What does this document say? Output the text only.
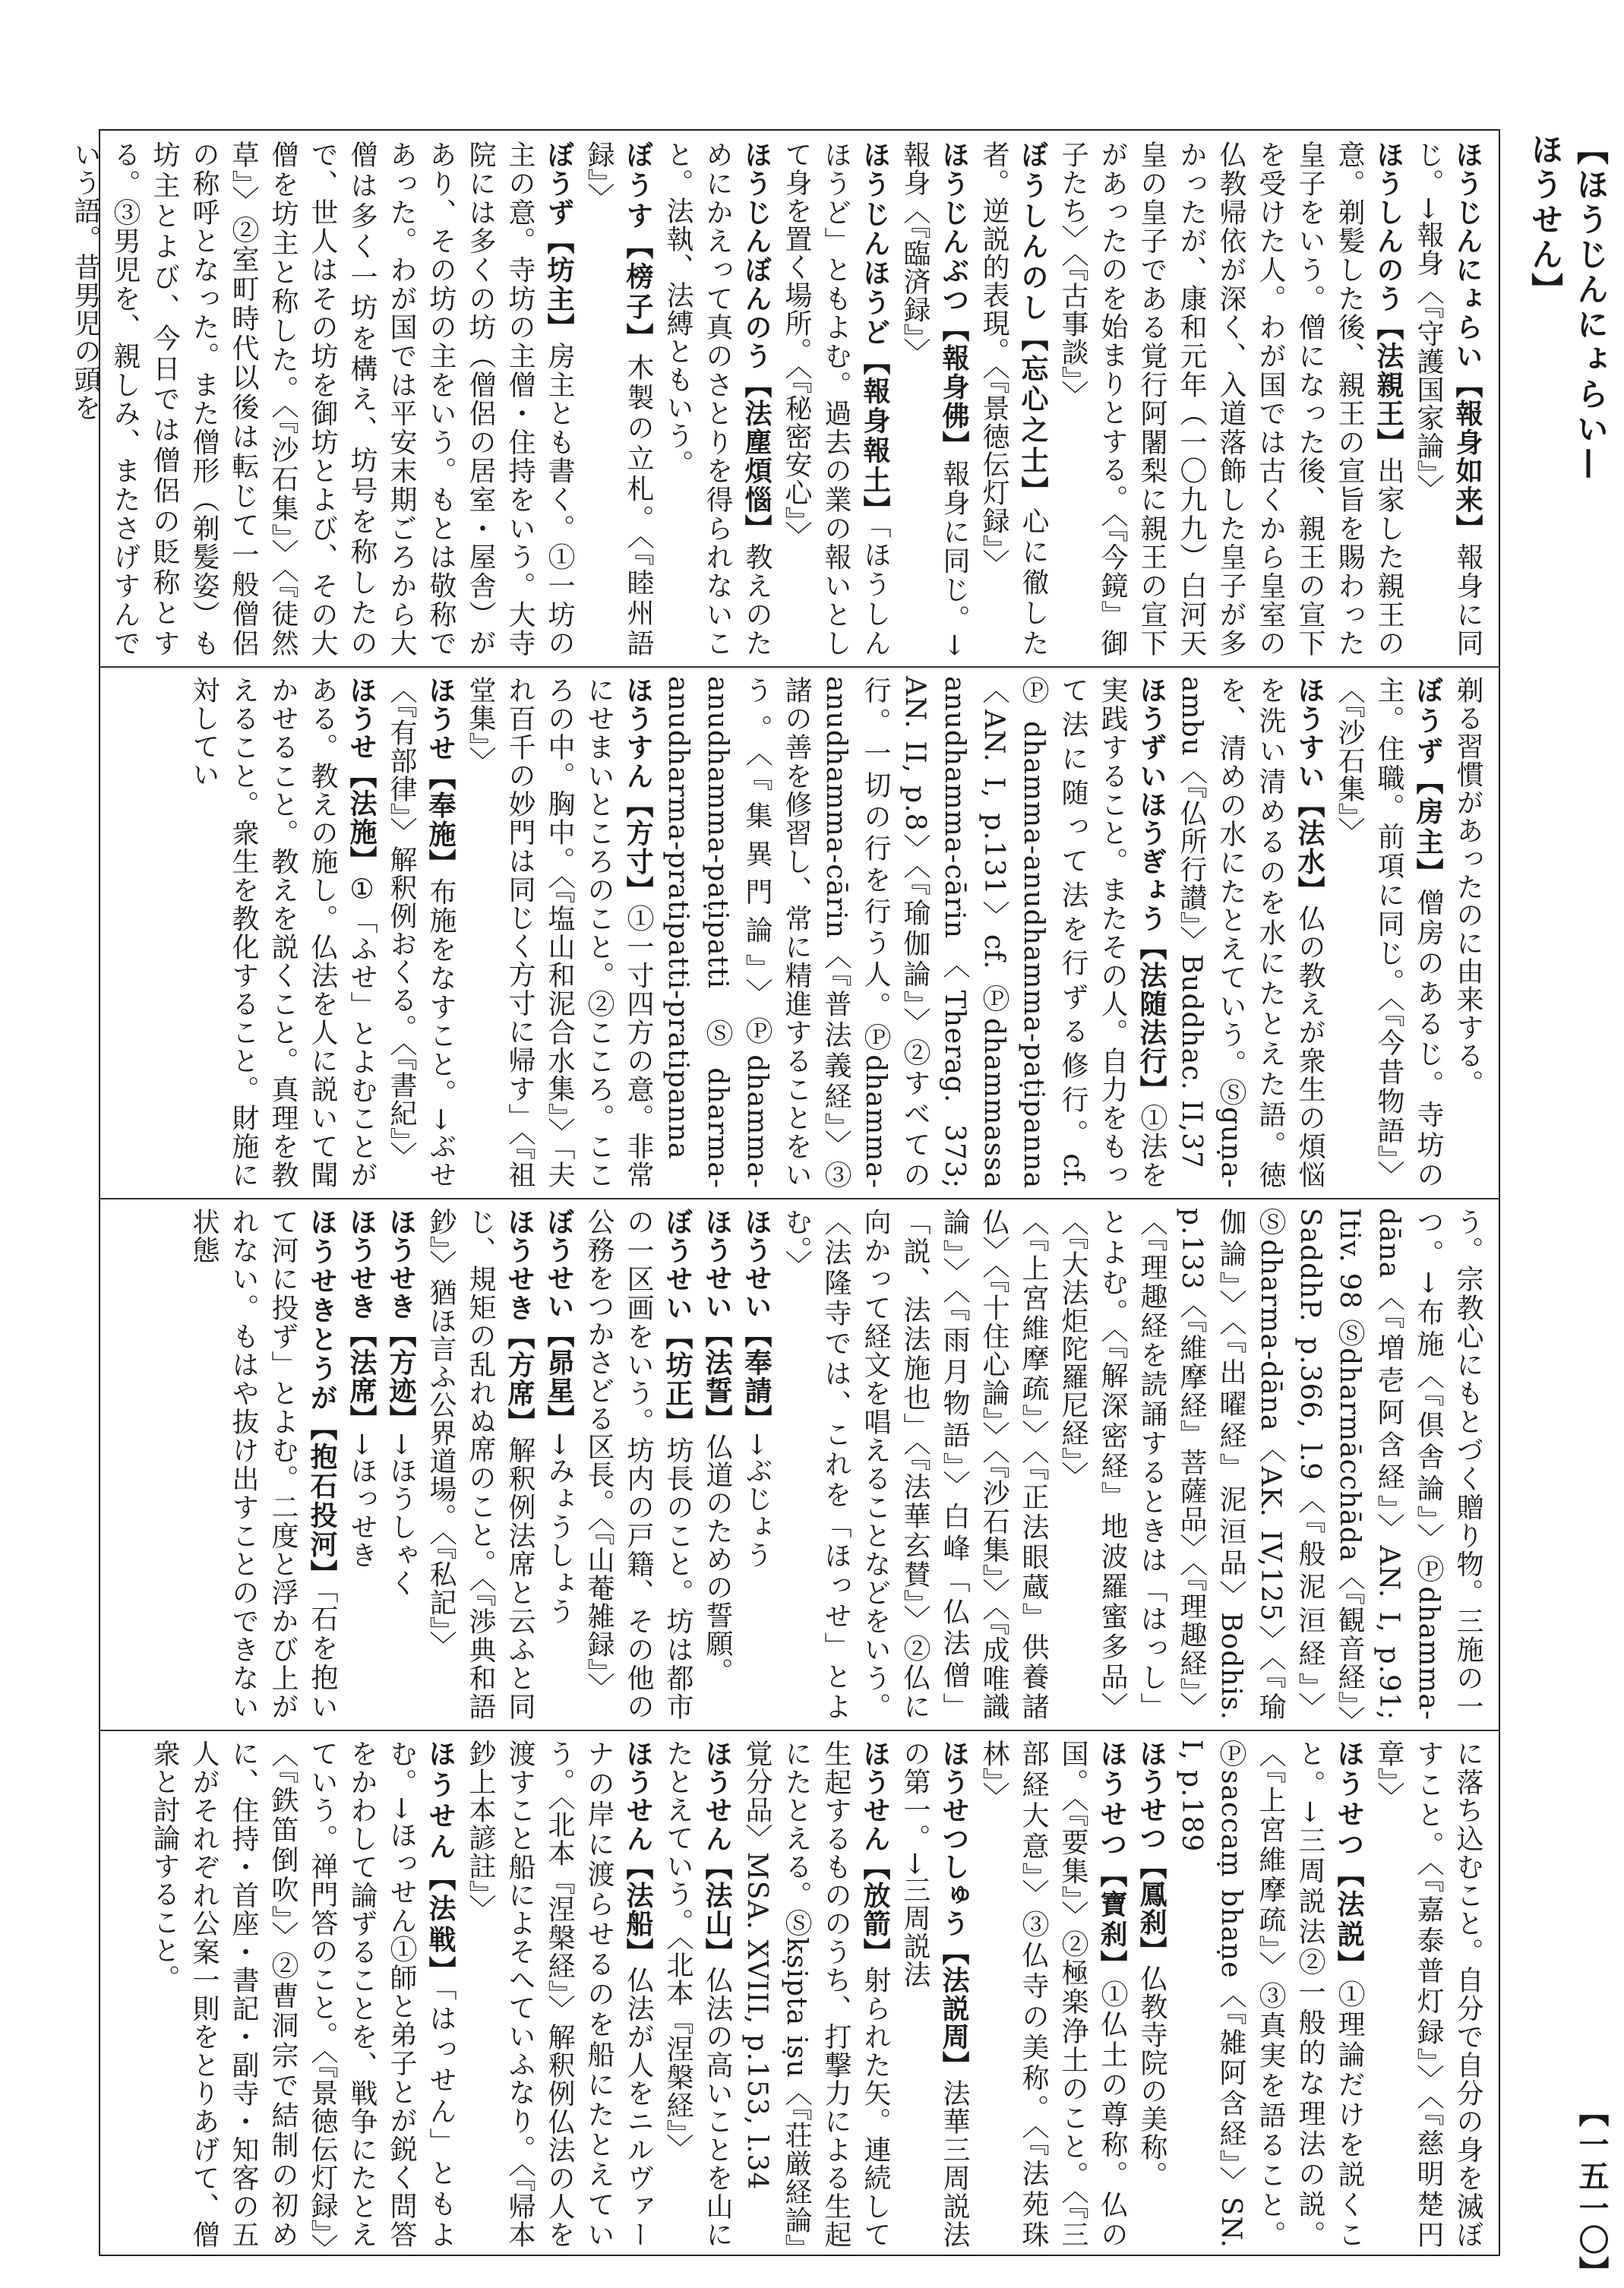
【ほうじんにょらい—ほうせん】
【一五一〇】

ほうじんにょらい【報身如来】報身に同じ。→報身〈『守護国家論』〉

ほうしんのう【法親王】出家した親王の意。剃髪した後、親王の宣旨を賜わった皇子をいう。僧になった後、親王の宣下を受けた人。わが国では古くから皇室の仏教帰依が深く、入道落飾した皇子が多かったが、康和元年（一〇九九）白河天皇の皇子である覚行阿闍梨に親王の宣下があったのを始まりとする。〈『今鏡』御子たち〉〈『古事談』〉

ぼうしんのし【忘心之士】心に徹した者。逆説的表現。〈『景徳伝灯録』〉

ほうじんぶつ【報身佛】報身に同じ。→報身〈『臨済録』〉

ほうじんほうど【報身報土】「ほうしんほうど」ともよむ。過去の業の報いとして身を置く場所。〈『秘密安心』〉

ほうじんぼんのう【法塵煩惱】教えのためにかえって真のさとりを得られないこと。法執、法縛ともいう。

ぼうす【榜子】木製の立札。〈『睦州語録』〉

ぼうず【坊主】房主とも書く。①一坊の主の意。寺坊の主僧・住持をいう。大寺院には多くの坊（僧侶の居室・屋舎）があり、その坊の主をいう。もとは敬称であった。わが国では平安末期ごろから大僧は多く一坊を構え、坊号を称したので、世人はその坊を御坊とよび、その大僧を坊主と称した。〈『沙石集』〉〈『徒然草』〉②室町時代以後は転じて一般僧侶の称呼となった。また僧形（剃髪姿）も坊主とよび、今日では僧侶の貶称とする。③男児を、親しみ、またさげすんでいう語。昔男児の頭を

剃る習慣があったのに由来する。

ぼうず【房主】僧房のあるじ。寺坊の主。住職。前項に同じ。〈『今昔物語』〉〈『沙石集』〉

ほうすい【法水】仏の教えが衆生の煩悩を洗い清めるのを水にたとえた語。徳を、清めの水にたとえていう。Ⓢguṇa-ambu〈『仏所行讃』〉Buddhac. II,37

ほうずいほうぎょう【法随法行】①法を実践すること。またその人。自力をもって法に随って法を行ずる修行。cf. Ⓟdhamma-anudhamma-paṭipanna〈AN. I, p.131〉cf. Ⓟdhammassa anudhamma-cārin〈Therag. 373; AN. II, p.8〉〈『瑜伽論』〉②すべての行。一切の行を行う人。Ⓟdhamma-anudhamma-cārin〈『普法義経』〉③諸の善を修習し、常に精進することをいう。〈『集異門論』〉Ⓟdhamma-anudhamma-paṭipatti Ⓢdharma-anudharma-pratipatti-pratipanna

ほうすん【方寸】①一寸四方の意。非常にせまいところのこと。②こころ。こころの中。胸中。〈『塩山和泥合水集』〉「夫れ百千の妙門は同じく方寸に帰す」〈『祖堂集』〉

ほうせ【奉施】布施をなすこと。→ぶせ〈『有部律』〉解釈例おくる。〈『書紀』〉

ほうせ【法施】①「ふせ」とよむことがある。教えの施し。仏法を人に説いて聞かせること。教えを説くこと。真理を教えること。衆生を教化すること。財施に対してい

う。宗教心にもとづく贈り物。三施の一つ。→布施〈『倶舎論』〉Ⓟdhamma-dāna〈『増壱阿含経』〉AN. I, p.91; Itiv. 98 Ⓢdharmācchāda〈『観音経』〉SaddhP. p.366, l.9〈『般泥洹経』〉Ⓢdharma-dāna〈AK. IV,125〉〈『瑜伽論』〉〈『出曜経』泥洹品〉Bodhis. p.133〈『維摩経』菩薩品〉〈『理趣経』〉〈『理趣経を読誦するときは「はっし」とよむ。〈『解深密経』地波羅蜜多品〉〈『大法炬陀羅尼経』〉

〈『上宮維摩疏』〉〈『正法眼蔵』供養諸仏〉〈『十住心論』〉〈『沙石集』〉〈『成唯識論』〉〈『雨月物語』〉白峰「仏法僧」「説、法法施也」〈『法華玄賛』〉②仏に向かって経文を唱えることなどをいう。〈法隆寺では、これを「ほっせ」とよむ。〉

ほうせい【奉請】→ぶじょう

ほうせい【法誓】仏道のための誓願。

ぼうせい【坊正】坊長のこと。坊は都市の一区画をいう。坊内の戸籍、その他の公務をつかさどる区長。〈『山菴雑録』〉

ぼうせい【昴星】→みょうしょう

ほうせき【方席】解釈例法席と云ふと同じ、規矩の乱れぬ席のこと。〈『渉典和語鈔』〉猶ほ言ふ公界道場。〈『私記』〉

ほうせき【方迹】→ほうしゃく

ほうせき【法席】→ほっせき

ほうせきとうが【抱石投河】「石を抱いて河に投ず」とよむ。二度と浮かび上がれない。もはや抜け出すことのできない状態

に落ち込むこと。自分で自分の身を滅ぼすこと。〈『嘉泰普灯録』〉〈『慈明楚円章』〉

ほうせつ【法説】①理論だけを説くこと。→三周説法②一般的な理法の説。〈『上宮維摩疏』〉③真実を語ること。Ⓟsaccaṃ bhaṇe〈『雑阿含経』〉SN. I, p.189

ほうせつ【鳳刹】仏教寺院の美称。

ほうせつ【寶刹】①仏土の尊称。仏の国。〈『要集』〉②極楽浄土のこと。〈『三部経大意』〉③仏寺の美称。〈『法苑珠林』〉

ほうせつしゅう【法説周】法華三周説法の第一。→三周説法

ほうせん【放箭】射られた矢。連続して生起するもののうち、打撃力による生起にたとえる。Ⓢkṣipta iṣu〈『荘厳経論』覚分品〉MSA. XVIII, p.153, l.34

ほうせん【法山】仏法の高いことを山にたとえていう。〈北本『涅槃経』〉

ほうせん【法船】仏法が人をニルヴァーナの岸に渡らせるのを船にたとえていう。〈北本『涅槃経』〉解釈例仏法の人を渡すこと船によそへていふなり。〈『帰本鈔上本諺註』〉

ほうせん【法戦】「はっせん」ともよむ。→ほっせん①師と弟子とが鋭く問答をかわして論ずることを、戦争にたとえていう。禅門答のこと。〈『景徳伝灯録』〉〈『鉄笛倒吹』〉②曹洞宗で結制の初めに、住持・首座・書記・副寺・知客の五人がそれぞれ公案一則をとりあげて、僧衆と討論すること。
